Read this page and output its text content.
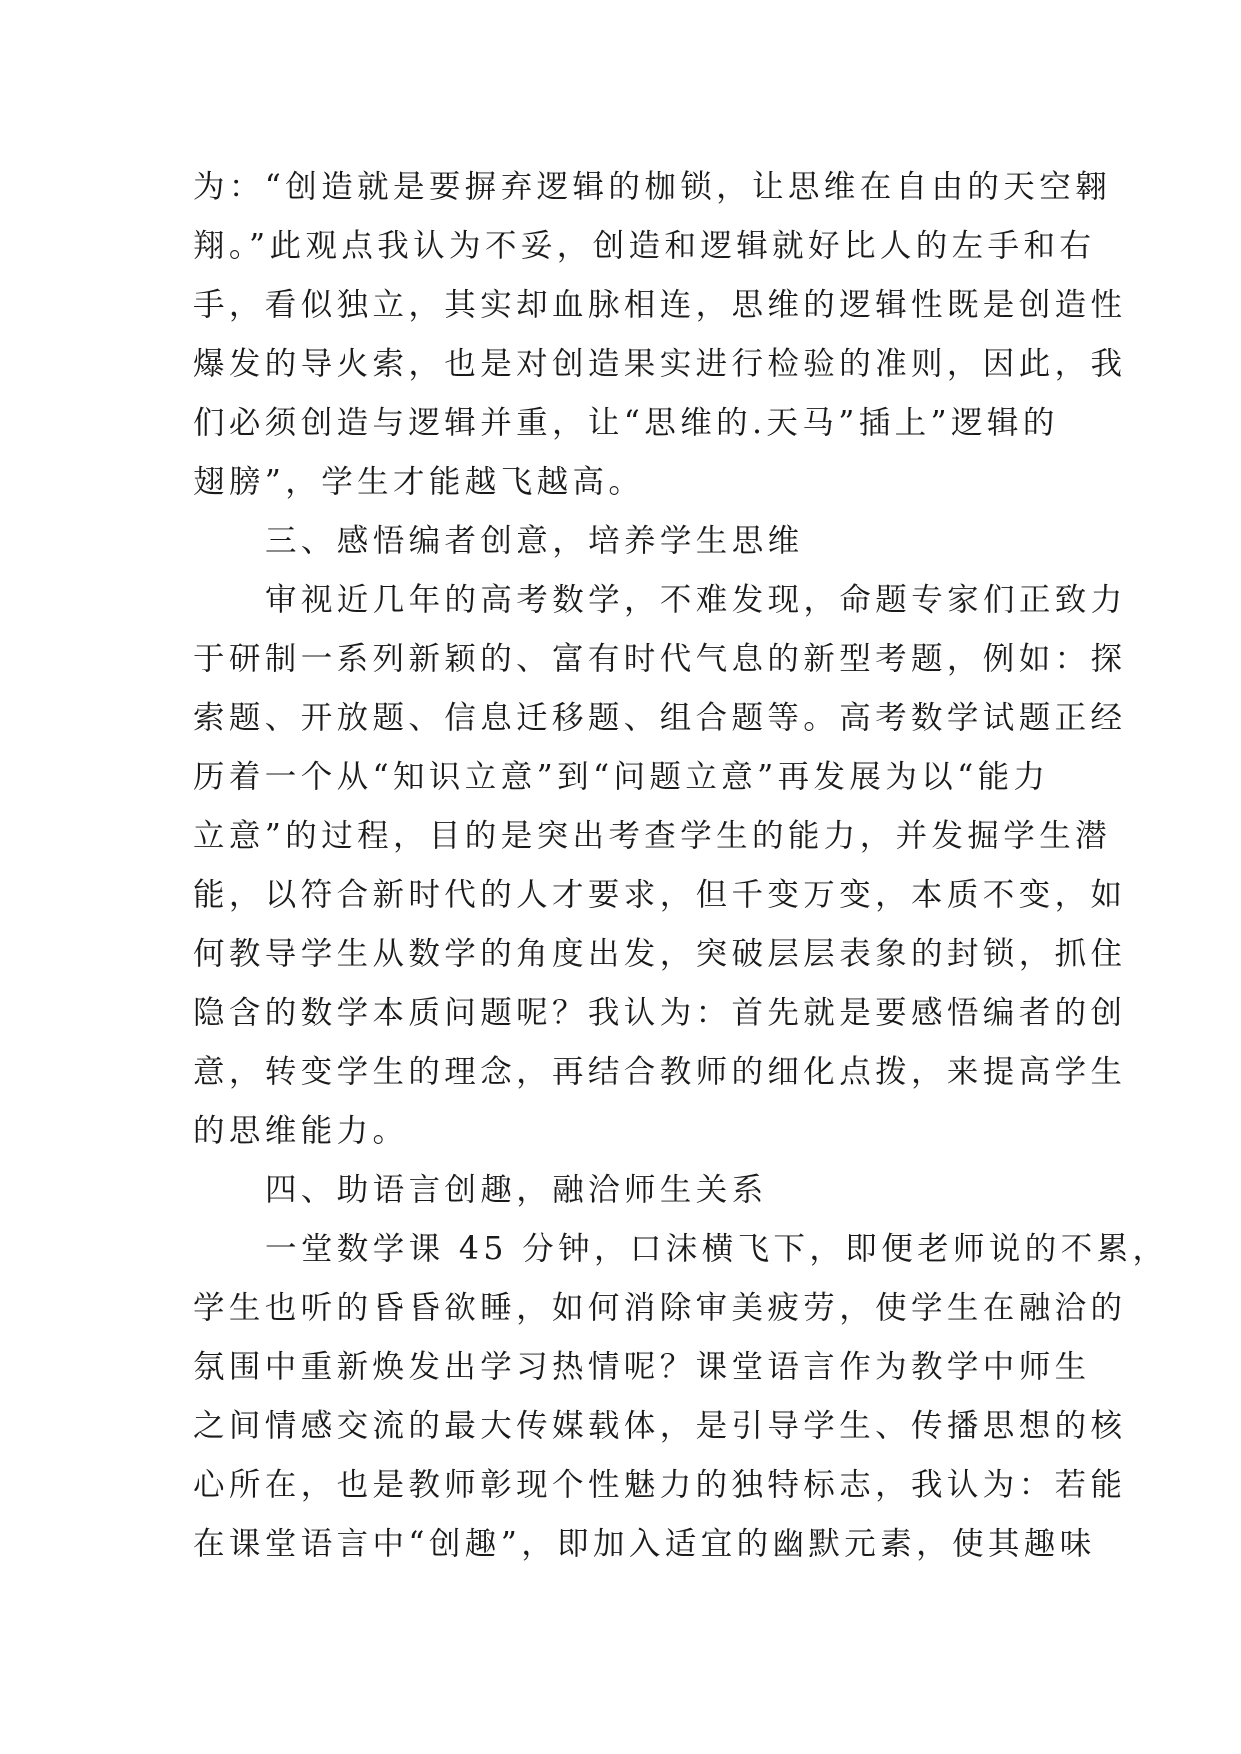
为：“创造就是要摒弃逻辑的枷锁，让思维在自由的天空翱
翔。”此观点我认为不妥，创造和逻辑就好比人的左手和右
手，看似独立，其实却血脉相连，思维的逻辑性既是创造性
爆发的导火索，也是对创造果实进行检验的准则，因此，我
们必须创造与逻辑并重，让“思维的.天马”插上”逻辑的
翅膀”，学生才能越飞越高。
三、感悟编者创意，培养学生思维
审视近几年的高考数学，不难发现，命题专家们正致力
于研制一系列新颖的、富有时代气息的新型考题，例如：探
索题、开放题、信息迁移题、组合题等。高考数学试题正经
历着一个从“知识立意”到“问题立意”再发展为以“能力
立意”的过程，目的是突出考查学生的能力，并发掘学生潜
能，以符合新时代的人才要求，但千变万变，本质不变，如
何教导学生从数学的角度出发，突破层层表象的封锁，抓住
隐含的数学本质问题呢？我认为：首先就是要感悟编者的创
意，转变学生的理念，再结合教师的细化点拨，来提高学生
的思维能力。
四、助语言创趣，融洽师生关系
一堂数学课 45 分钟，口沫横飞下，即便老师说的不累，
学生也听的昏昏欲睡，如何消除审美疲劳，使学生在融洽的
氛围中重新焕发出学习热情呢？课堂语言作为教学中师生
之间情感交流的最大传媒载体，是引导学生、传播思想的核
心所在，也是教师彰现个性魅力的独特标志，我认为：若能
在课堂语言中“创趣”，即加入适宜的幽默元素，使其趣味
